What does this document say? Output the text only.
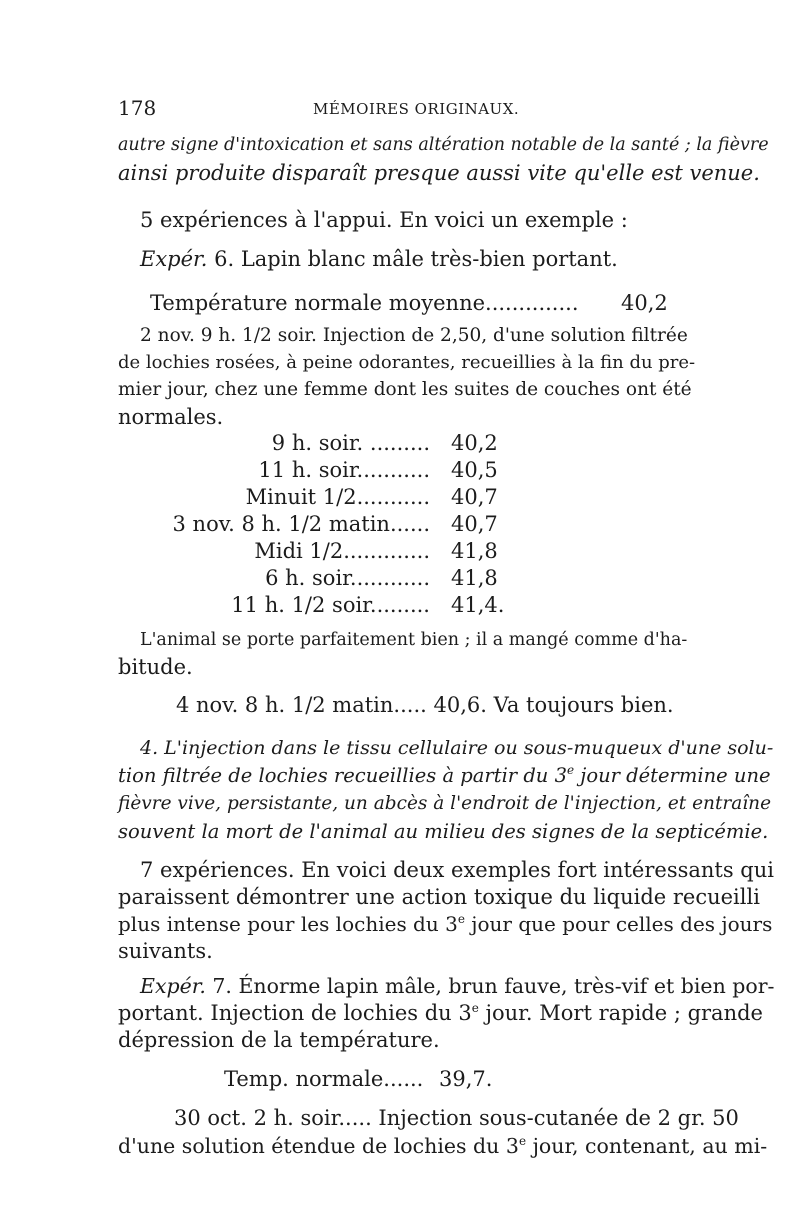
178	MÉMOIRES ORIGINAUX.
autre signe d'intoxication et sans altération notable de la santé ; la fièvre
ainsi produite disparaît presque aussi vite qu'elle est venue.
5 expériences à l'appui. En voici un exemple :
Expér. 6. Lapin blanc mâle très-bien portant.
Température normale moyenne.............. 40,2
2 nov. 9 h. 1/2 soir. Injection de 2,50, d'une solution filtrée
de lochies rosées, à peine odorantes, recueillies à la fin du pre-
mier jour, chez une femme dont les suites de couches ont été
normales.
9 h. soir. ......... 40,2
11 h. soir........... 40,5
Minuit 1/2........... 40,7
3 nov. 8 h. 1/2 matin...... 40,7
Midi 1/2............. 41,8
6 h. soir............ 41,8
11 h. 1/2 soir......... 41,4.
L'animal se porte parfaitement bien ; il a mangé comme d'ha-
bitude.
4 nov. 8 h. 1/2 matin..... 40,6. Va toujours bien.
4. L'injection dans le tissu cellulaire ou sous-muqueux d'une solu-
tion filtrée de lochies recueillies à partir du 3e jour détermine une
fièvre vive, persistante, un abcès à l'endroit de l'injection, et entraîne
souvent la mort de l'animal au milieu des signes de la septicémie.
7 expériences. En voici deux exemples fort intéressants qui
paraissent démontrer une action toxique du liquide recueilli
plus intense pour les lochies du 3e jour que pour celles des jours
suivants.
Expér. 7. Énorme lapin mâle, brun fauve, très-vif et bien por-
portant. Injection de lochies du 3e jour. Mort rapide ; grande
dépression de la température.
Temp. normale...... 39,7.
30 oct. 2 h. soir..... Injection sous-cutanée de 2 gr. 50
d'une solution étendue de lochies du 3e jour, contenant, au mi-
